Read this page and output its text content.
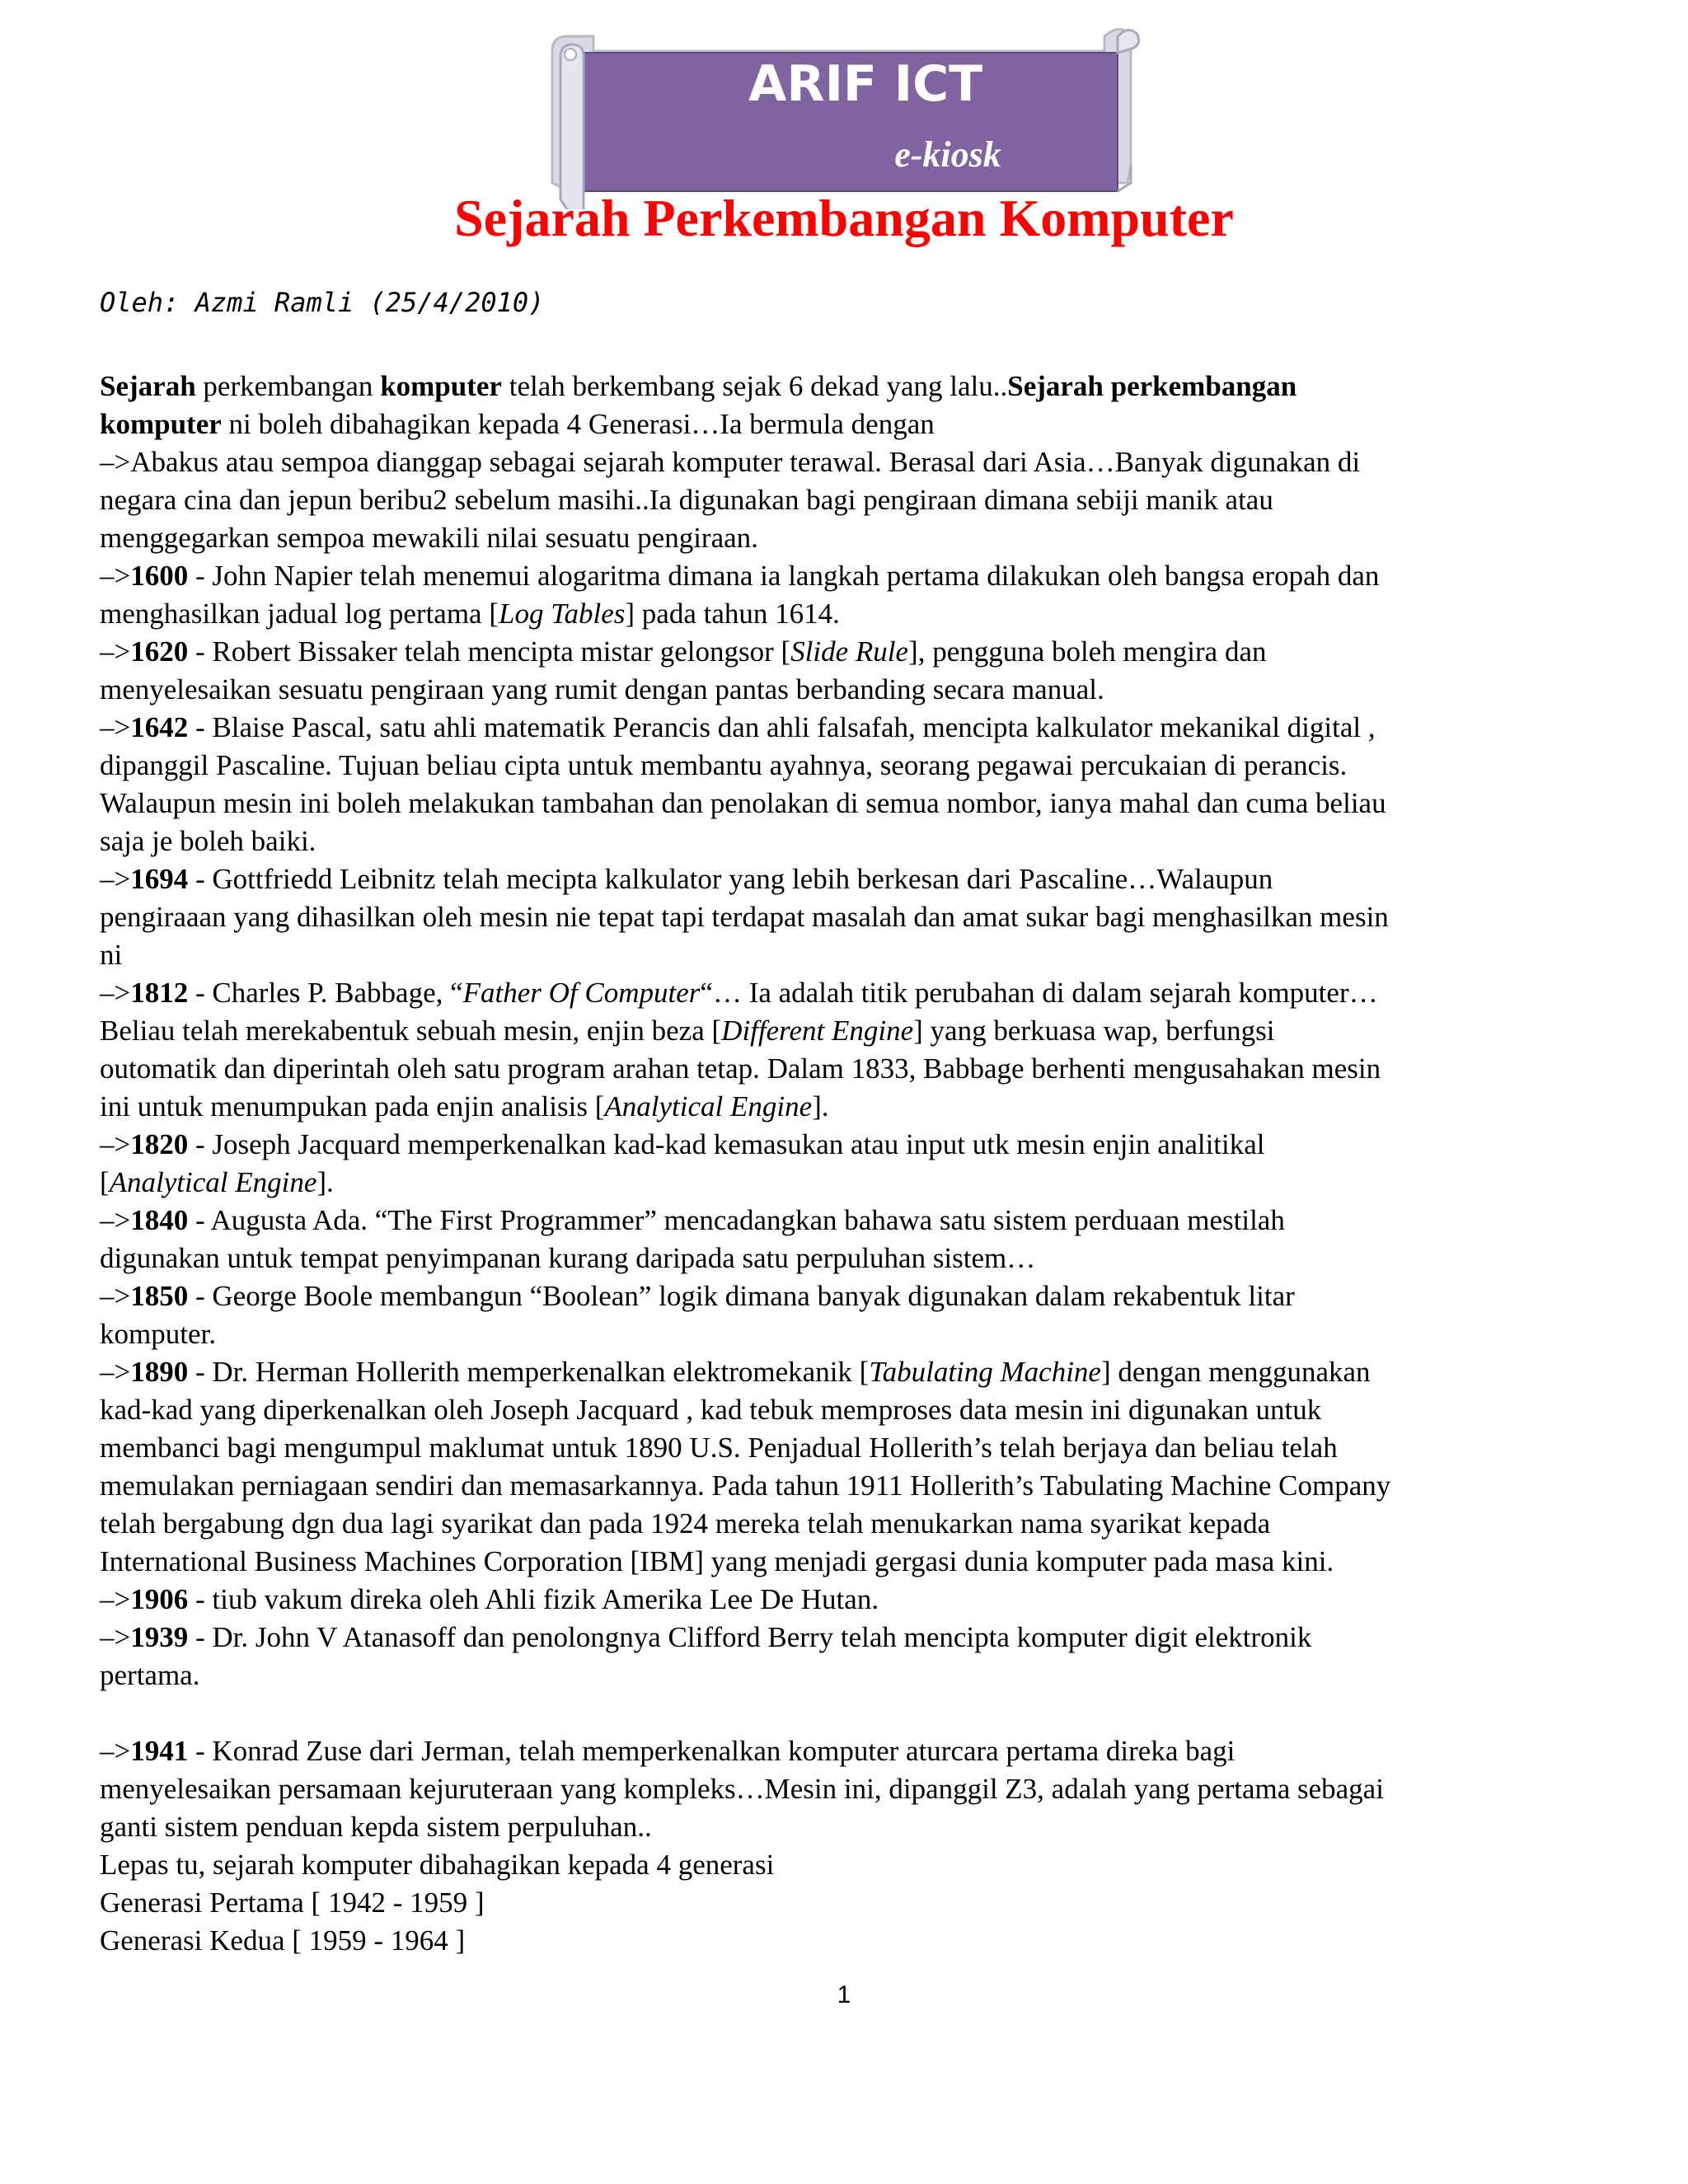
ARIF ICT
e-kiosk
Sejarah Perkembangan Komputer
Oleh: Azmi Ramli (25/4/2010)
Sejarah perkembangan komputer telah berkembang sejak 6 dekad yang lalu..Sejarah perkembangan
komputer ni boleh dibahagikan kepada 4 Generasi…Ia bermula dengan
–>Abakus atau sempoa dianggap sebagai sejarah komputer terawal. Berasal dari Asia…Banyak digunakan di
negara cina dan jepun beribu2 sebelum masihi..Ia digunakan bagi pengiraan dimana sebiji manik atau
menggegarkan sempoa mewakili nilai sesuatu pengiraan.
–>1600 - John Napier telah menemui alogaritma dimana ia langkah pertama dilakukan oleh bangsa eropah dan
menghasilkan jadual log pertama [Log Tables] pada tahun 1614.
–>1620 - Robert Bissaker telah mencipta mistar gelongsor [Slide Rule], pengguna boleh mengira dan
menyelesaikan sesuatu pengiraan yang rumit dengan pantas berbanding secara manual.
–>1642 - Blaise Pascal, satu ahli matematik Perancis dan ahli falsafah, mencipta kalkulator mekanikal digital ,
dipanggil Pascaline. Tujuan beliau cipta untuk membantu ayahnya, seorang pegawai percukaian di perancis.
Walaupun mesin ini boleh melakukan tambahan dan penolakan di semua nombor, ianya mahal dan cuma beliau
saja je boleh baiki.
–>1694 - Gottfriedd Leibnitz telah mecipta kalkulator yang lebih berkesan dari Pascaline…Walaupun
pengiraaan yang dihasilkan oleh mesin nie tepat tapi terdapat masalah dan amat sukar bagi menghasilkan mesin
ni
–>1812 - Charles P. Babbage, “Father Of Computer“… Ia adalah titik perubahan di dalam sejarah komputer…
Beliau telah merekabentuk sebuah mesin, enjin beza [Different Engine] yang berkuasa wap, berfungsi
outomatik dan diperintah oleh satu program arahan tetap. Dalam 1833, Babbage berhenti mengusahakan mesin
ini untuk menumpukan pada enjin analisis [Analytical Engine].
–>1820 - Joseph Jacquard memperkenalkan kad-kad kemasukan atau input utk mesin enjin analitikal
[Analytical Engine].
–>1840 - Augusta Ada. “The First Programmer” mencadangkan bahawa satu sistem perduaan mestilah
digunakan untuk tempat penyimpanan kurang daripada satu perpuluhan sistem…
–>1850 - George Boole membangun “Boolean” logik dimana banyak digunakan dalam rekabentuk litar
komputer.
–>1890 - Dr. Herman Hollerith memperkenalkan elektromekanik [Tabulating Machine] dengan menggunakan
kad-kad yang diperkenalkan oleh Joseph Jacquard , kad tebuk memproses data mesin ini digunakan untuk
membanci bagi mengumpul maklumat untuk 1890 U.S. Penjadual Hollerith’s telah berjaya dan beliau telah
memulakan perniagaan sendiri dan memasarkannya. Pada tahun 1911 Hollerith’s Tabulating Machine Company
telah bergabung dgn dua lagi syarikat dan pada 1924 mereka telah menukarkan nama syarikat kepada
International Business Machines Corporation [IBM] yang menjadi gergasi dunia komputer pada masa kini.
–>1906 - tiub vakum direka oleh Ahli fizik Amerika Lee De Hutan.
–>1939 - Dr. John V Atanasoff dan penolongnya Clifford Berry telah mencipta komputer digit elektronik
pertama.
–>1941 - Konrad Zuse dari Jerman, telah memperkenalkan komputer aturcara pertama direka bagi
menyelesaikan persamaan kejuruteraan yang kompleks…Mesin ini, dipanggil Z3, adalah yang pertama sebagai
ganti sistem penduan kepda sistem perpuluhan..
Lepas tu, sejarah komputer dibahagikan kepada 4 generasi
Generasi Pertama [ 1942 - 1959 ]
Generasi Kedua [ 1959 - 1964 ]
1
